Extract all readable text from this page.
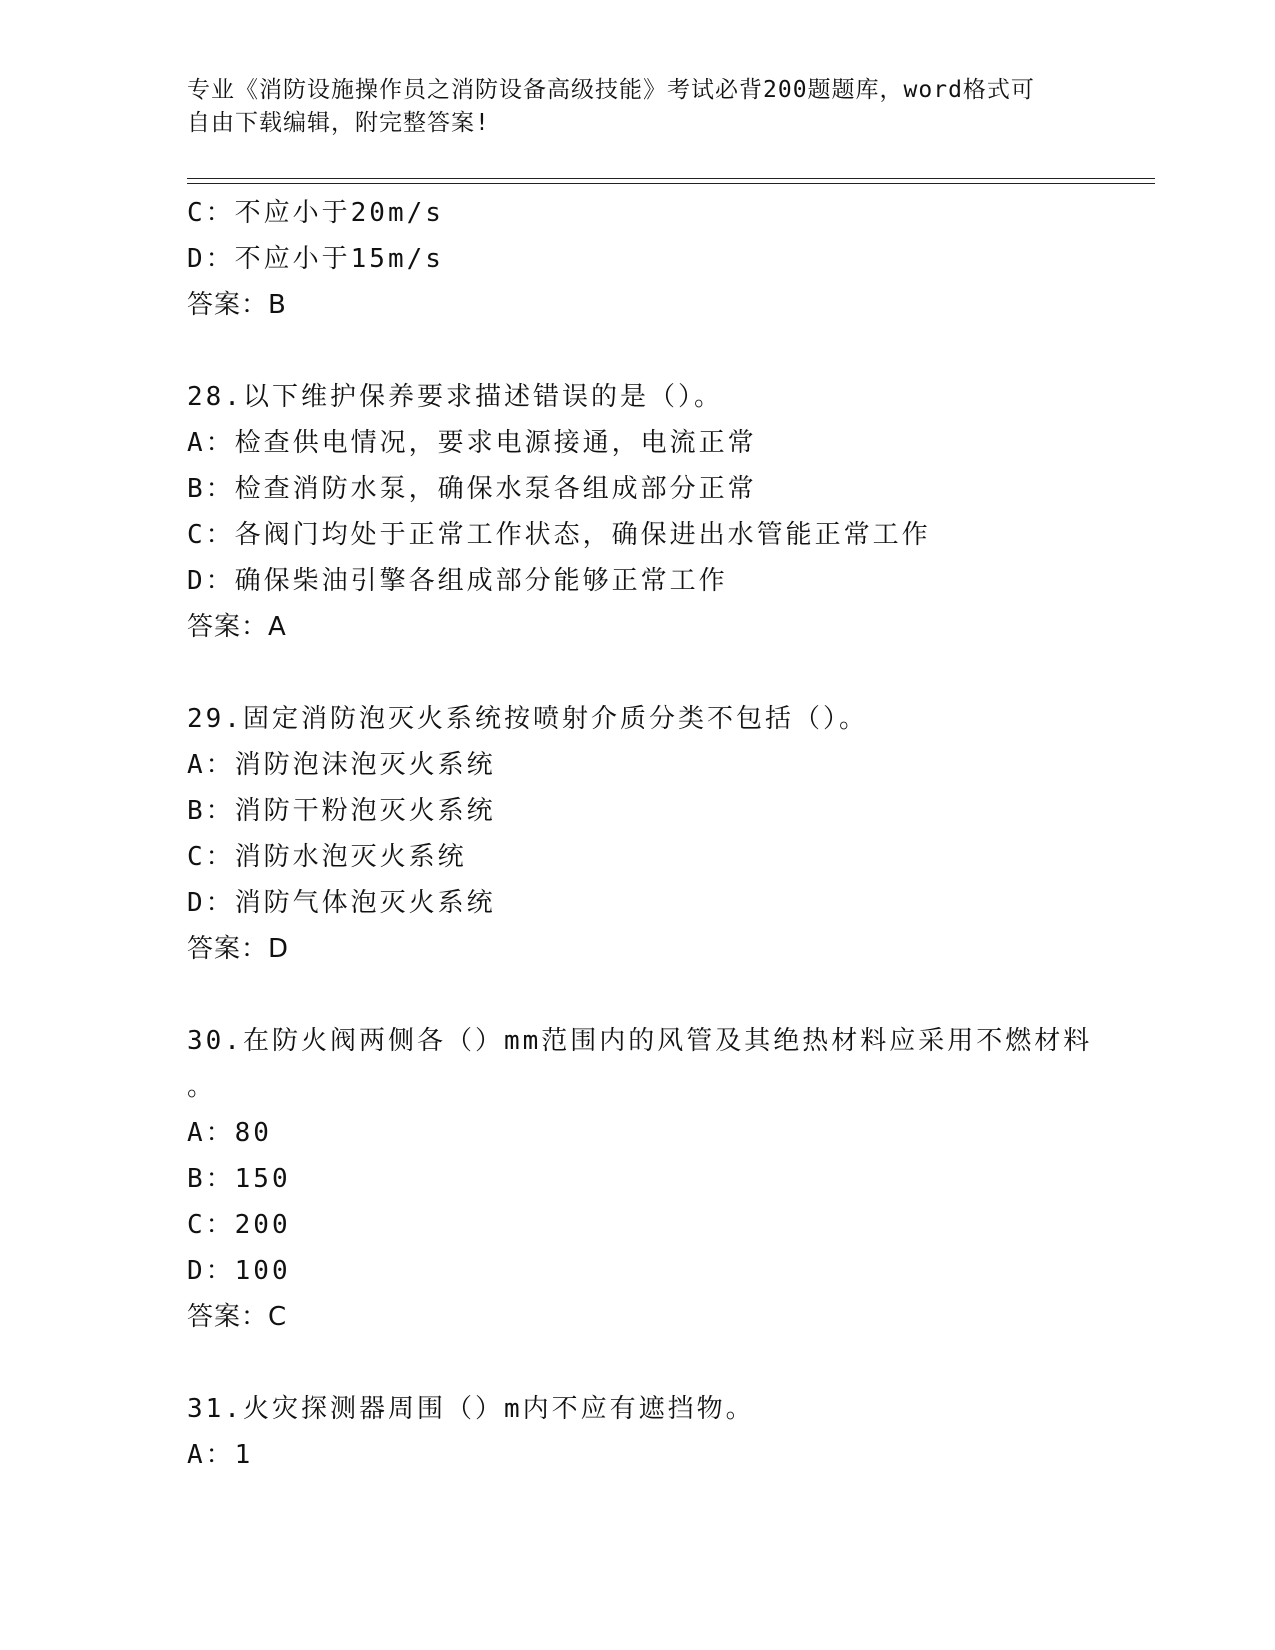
专业《消防设施操作员之消防设备高级技能》考试必背200题题库，word格式可
自由下载编辑，附完整答案!
C：不应小于20m/s
D：不应小于15m/s
答案：B
28.以下维护保养要求描述错误的是（）。
A：检查供电情况，要求电源接通，电流正常
B：检查消防水泵，确保水泵各组成部分正常
C：各阀门均处于正常工作状态，确保进出水管能正常工作
D：确保柴油引擎各组成部分能够正常工作
答案：A
29.固定消防泡灭火系统按喷射介质分类不包括（）。
A：消防泡沫泡灭火系统
B：消防干粉泡灭火系统
C：消防水泡灭火系统
D：消防气体泡灭火系统
答案：D
30.在防火阀两侧各（）mm范围内的风管及其绝热材料应采用不燃材料
。
A：80
B：150
C：200
D：100
答案：C
31.火灾探测器周围（）m内不应有遮挡物。
A：1
